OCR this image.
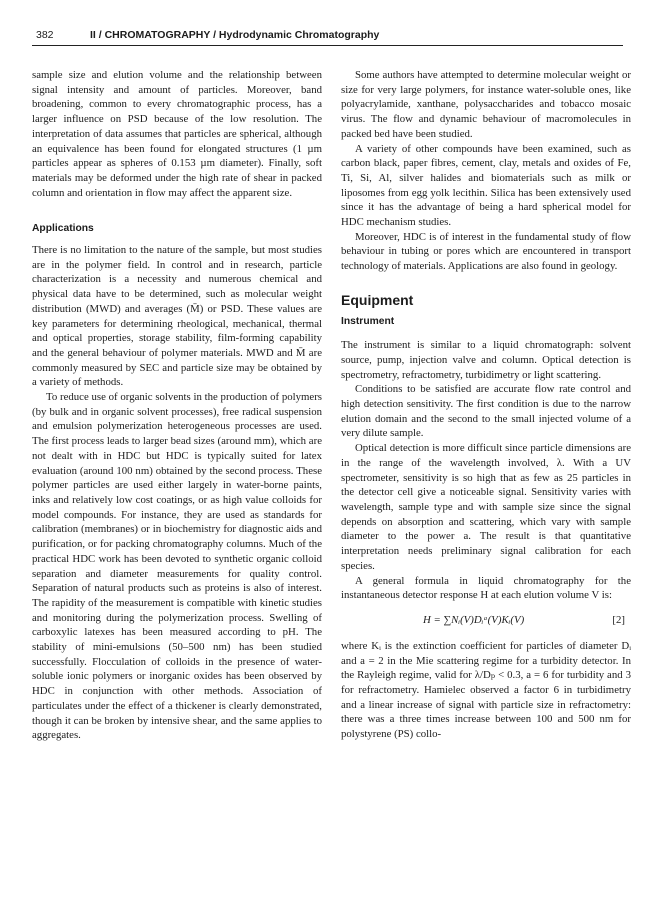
382	II / CHROMATOGRAPHY / Hydrodynamic Chromatography

sample size and elution volume and the relationship between signal intensity and amount of particles. Moreover, band broadening, common to every chromatographic process, has a larger influence on PSD because of the low resolution. The interpretation of data assumes that particles are spherical, although an equivalence has been found for elongated structures (1 µm particles appear as spheres of 0.153 µm diameter). Finally, soft materials may be deformed under the high rate of shear in packed column and orientation in flow may affect the apparent size.

Applications

There is no limitation to the nature of the sample, but most studies are in the polymer field. In control and in research, particle characterization is a necessity and numerous chemical and physical data have to be determined, such as molecular weight distribution (MWD) and averages (M̄) or PSD. These values are key parameters for determining rheological, mechanical, thermal and optical properties, storage stability, film-forming capability and the general behaviour of polymer materials. MWD and M̄ are commonly measured by SEC and particle size may be obtained by a variety of methods.

To reduce use of organic solvents in the production of polymers (by bulk and in organic solvent processes), free radical suspension and emulsion polymerization heterogeneous processes are used. The first process leads to larger bead sizes (around mm), which are not dealt with in HDC but HDC is typically suited for latex evaluation (around 100 nm) obtained by the second process. These polymer particles are used either largely in water-borne paints, inks and relatively low cost coatings, or as high value colloids for model compounds. For instance, they are used as standards for calibration (membranes) or in biochemistry for diagnostic aids and purification, or for packing chromatography columns. Much of the practical HDC work has been devoted to synthetic organic colloid separation and diameter measurements for quality control. Separation of natural products such as proteins is also of interest. The rapidity of the measurement is compatible with kinetic studies and monitoring during the polymerization process. Swelling of carboxylic latexes has been measured according to pH. The stability of mini-emulsions (50–500 nm) has been studied successfully. Flocculation of colloids in the presence of water-soluble ionic polymers or inorganic oxides has been observed by HDC in conjunction with other methods. Association of particulates under the effect of a thickener is clearly demonstrated, though it can be broken by intensive shear, and the same applies to aggregates.

Some authors have attempted to determine molecular weight or size for very large polymers, for instance water-soluble ones, like polyacrylamide, xanthane, polysaccharides and tobacco mosaic virus. The flow and dynamic behaviour of macromolecules in packed bed have been studied.

A variety of other compounds have been examined, such as carbon black, paper fibres, cement, clay, metals and oxides of Fe, Ti, Si, Al, silver halides and biomaterials such as milk or liposomes from egg yolk lecithin. Silica has been extensively used since it has the advantage of being a hard spherical model for HDC mechanism studies.

Moreover, HDC is of interest in the fundamental study of flow behaviour in tubing or pores which are encountered in transport technology of materials. Applications are also found in geology.

Equipment

Instrument

The instrument is similar to a liquid chromatograph: solvent source, pump, injection valve and column. Optical detection is spectrometry, refractometry, turbidimetry or light scattering.

Conditions to be satisfied are accurate flow rate control and high detection sensitivity. The first condition is due to the narrow elution domain and the second to the small injected volume of a very dilute sample.

Optical detection is more difficult since particle dimensions are in the range of the wavelength involved, λ. With a UV spectrometer, sensitivity is so high that as few as 25 particles in the detector cell give a noticeable signal. Sensitivity varies with wavelength, sample type and with sample size since the signal depends on absorption and scattering, which vary with sample diameter to the power a. The result is that quantitative interpretation needs preliminary signal calibration for each species.

A general formula in liquid chromatography for the instantaneous detector response H at each elution volume V is:

H = ∑Nᵢ(V)Dᵢᵃ(V)Kᵢ(V)	[2]

where Kᵢ is the extinction coefficient for particles of diameter Dᵢ and a = 2 in the Mie scattering regime for a turbidity detector. In the Rayleigh regime, valid for λ/Dₚ < 0.3, a = 6 for turbidity and 3 for refractometry. Hamielec observed a factor 6 in turbidimetry and a linear increase of signal with particle size in refractometry: there was a three times increase between 100 and 500 nm for polystyrene (PS) collo-
